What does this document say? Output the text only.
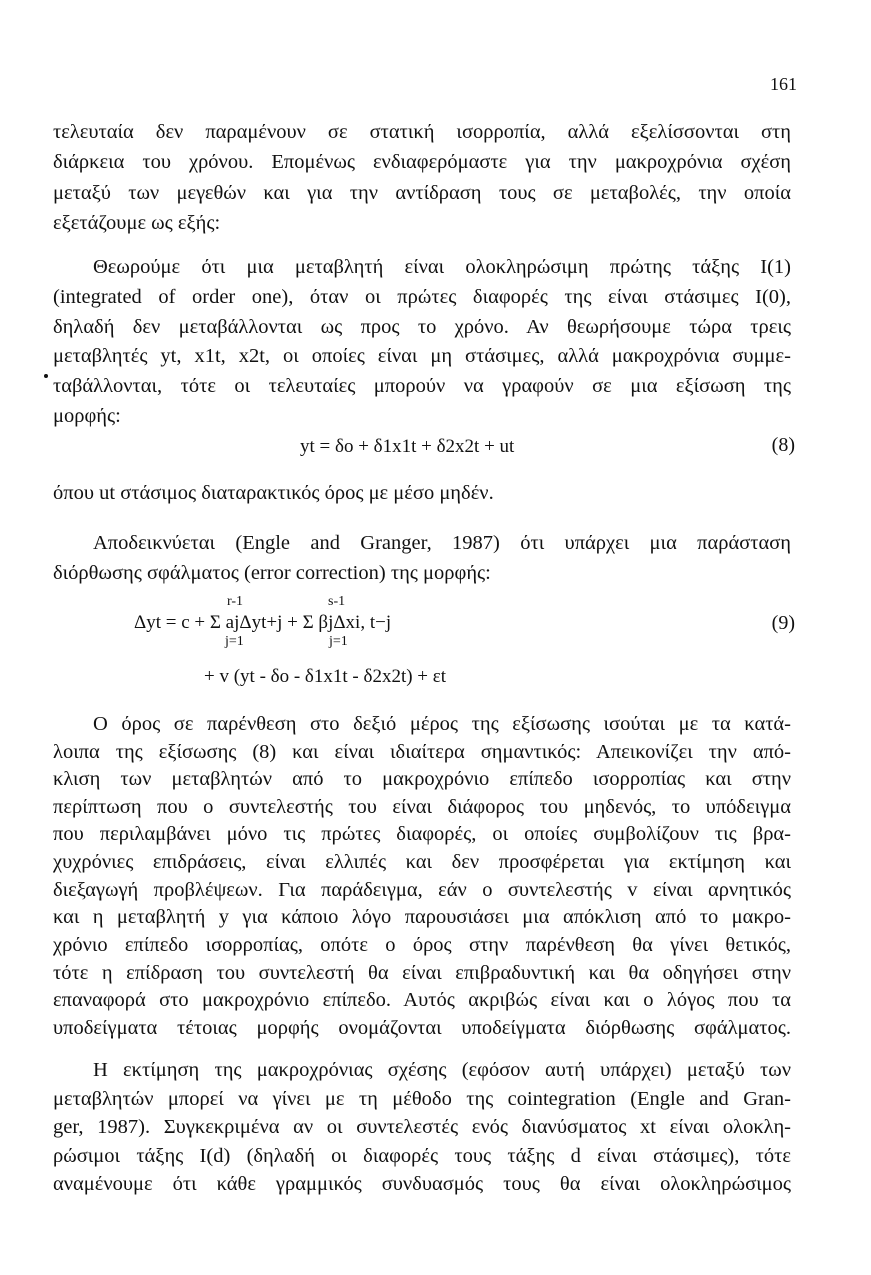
161
τελευταία δεν παραμένουν σε στατική ισορροπία, αλλά εξελίσσονται στη
διάρκεια του χρόνου. Επομένως ενδιαφερόμαστε για την μακροχρόνια σχέση
μεταξύ των μεγεθών και για την αντίδραση τους σε μεταβολές, την οποία
εξετάζουμε ως εξής:
Θεωρούμε ότι μια μεταβλητή είναι ολοκληρώσιμη πρώτης τάξης I(1)
(integrated of order one), όταν οι πρώτες διαφορές της είναι στάσιμες I(0),
δηλαδή δεν μεταβάλλονται ως προς το χρόνο. Αν θεωρήσουμε τώρα τρεις
μεταβλητές yt, x1t, x2t, οι οποίες είναι μη στάσιμες, αλλά μακροχρόνια συμμε-
ταβάλλονται, τότε οι τελευταίες μπορούν να γραφούν σε μια εξίσωση της
μορφής:
yt = δo + δ1x1t + δ2x2t + ut	(8)
όπου ut στάσιμος διαταρακτικός όρος με μέσο μηδέν.
Αποδεικνύεται (Engle and Granger, 1987) ότι υπάρχει μια παράσταση
διόρθωσης σφάλματος (error correction) της μορφής:
r-1	s-1
Δyt = c + Σ ajΔyt+j + Σ βjΔxi, t−j
j=1	j=1
(9)
+ v (yt - δo - δ1x1t - δ2x2t) + εt
Ο όρος σε παρένθεση στο δεξιό μέρος της εξίσωσης ισούται με τα κατά-
λοιπα της εξίσωσης (8) και είναι ιδιαίτερα σημαντικός: Απεικονίζει την από-
κλιση των μεταβλητών από το μακροχρόνιο επίπεδο ισορροπίας και στην
περίπτωση που ο συντελεστής του είναι διάφορος του μηδενός, το υπόδειγμα
που περιλαμβάνει μόνο τις πρώτες διαφορές, οι οποίες συμβολίζουν τις βρα-
χυχρόνιες επιδράσεις, είναι ελλιπές και δεν προσφέρεται για εκτίμηση και
διεξαγωγή προβλέψεων. Για παράδειγμα, εάν ο συντελεστής v είναι αρνητικός
και η μεταβλητή y για κάποιο λόγο παρουσιάσει μια απόκλιση από το μακρο-
χρόνιο επίπεδο ισορροπίας, οπότε ο όρος στην παρένθεση θα γίνει θετικός,
τότε η επίδραση του συντελεστή θα είναι επιβραδυντική και θα οδηγήσει στην
επαναφορά στο μακροχρόνιο επίπεδο. Αυτός ακριβώς είναι και ο λόγος που τα
υποδείγματα τέτοιας μορφής ονομάζονται υποδείγματα διόρθωσης σφάλματος.
Η εκτίμηση της μακροχρόνιας σχέσης (εφόσον αυτή υπάρχει) μεταξύ των
μεταβλητών μπορεί να γίνει με τη μέθοδο της cointegration (Engle and Gran-
ger, 1987). Συγκεκριμένα αν οι συντελεστές ενός διανύσματος xt είναι ολοκλη-
ρώσιμοι τάξης I(d) (δηλαδή οι διαφορές τους τάξης d είναι στάσιμες), τότε
αναμένουμε ότι κάθε γραμμικός συνδυασμός τους θα είναι ολοκληρώσιμος
